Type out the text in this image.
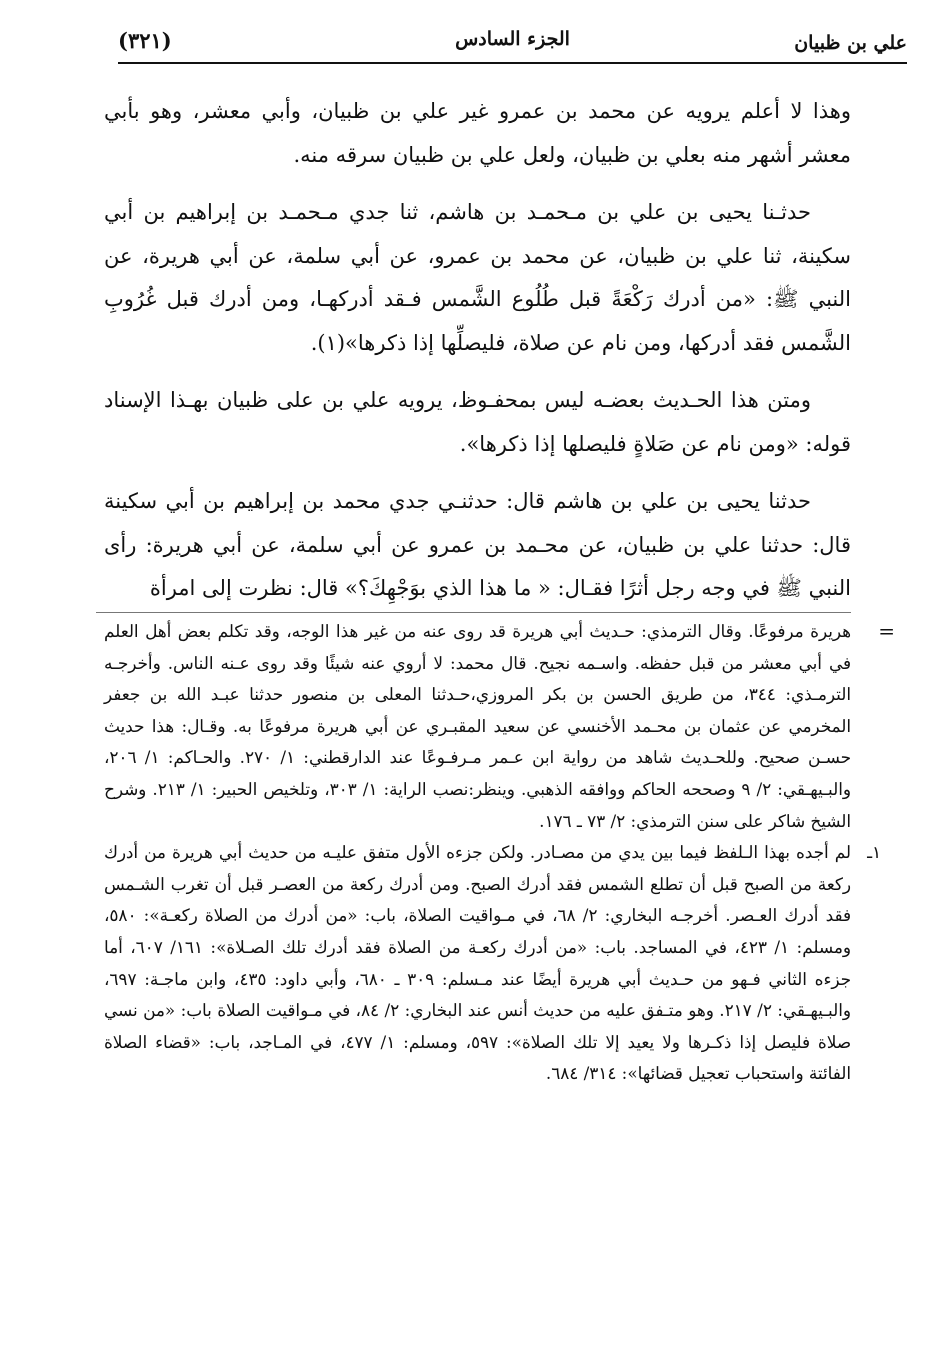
علي بن ظبيان
الجزء السادس
(٣٢١)

وهذا لا أعلم يرويه عن محمد بن عمرو غير علي بن ظبيان، وأبي معشر، وهو بأبي معشر أشهر منه بعلي بن ظبيان، ولعل علي بن ظبيان سرقه منه.

حدثـنا يحيى بن علي بن مـحمـد بن هاشم، ثنا جدي مـحمـد بن إبراهيم بن أبي سكينة، ثنا علي بن ظبيان، عن محمد بن عمرو، عن أبي سلمة، عن أبي هريرة، عن النبي ﷺ: «من أدرك رَكْعَةً قبل طُلُوع الشَّمس فـقد أدركهـا، ومن أدرك قبل غُرُوبِ الشَّمس فقد أدركها، ومن نام عن صلاة، فليصلِّها إذا ذكرها»(١).

ومتن هذا الحـديث بعضـه ليس بمحفـوظ، يرويه علي بن على ظبيان بهـذا الإسناد قوله: «ومن نام عن صَلاةٍ فليصلها إذا ذكرها».

حدثنا يحيى بن علي بن هاشم قال: حدثنـي جدي محمد بن إبراهيم بن أبي سكينة قال: حدثنا علي بن ظبيان، عن محـمد بن عمرو عن أبي سلمة، عن أبي هريرة: رأى النبي ﷺ في وجه رجل أثرًا فقـال: « ما هذا الذي بوَجْهِكَ؟» قال: نظرت إلى امرأة

=
هريرة مرفوعًا. وقال الترمذي: حـديث أبي هريرة قد روى عنه من غير هذا الوجه، وقد تكلم بعض أهل العلم في أبي معشر من قبل حفظه. واسـمه نجيح. قال محمد: لا أروي عنه شيئًا وقد روى عـنه الناس. وأخرجـه الترمـذي: ٣٤٤، من طريق الحسن بن بكر المروزي،حـدثنا المعلى بن منصور حدثنا عبـد الله بن جعفر المخرمي عن عثمان بن محـمد الأخنسي عن سعيد المقبـري عن أبي هريرة مرفوعًا به. وقـال: هذا حديث حسـن صحيح. وللحـديث شاهد من رواية ابن عـمر مـرفـوعًا عند الدارقطني: ١/ ٢٧٠. والحـاكم: ١/ ٢٠٦، والبـيهـقي: ٢/ ٩ وصححه الحاكم ووافقه الذهبي. وينظر:نصب الراية: ١/ ٣٠٣، وتلخيص الحبير: ١/ ٢١٣. وشرح الشيخ شاكر على سنن الترمذي: ٢/ ٧٣ ـ ١٧٦.
١ـ
لم أجده بهذا الـلفظ فيما بين يدي من مصـادر. ولكن جزءه الأول متفق عليـه من حديث أبي هريرة من أدرك ركعة من الصبح قبل أن تطلع الشمس فقد أدرك الصبح. ومن أدرك ركعة من العصـر قبل أن تغرب الشـمس فقد أدرك العـصر. أخرجـه البخاري: ٢/ ٦٨، في مـواقيت الصلاة، باب: «من أدرك من الصلاة ركعـة»: ٥٨٠، ومسلم: ١/ ٤٢٣، في المساجد. باب: «من أدرك ركعـة من الصلاة فقد أدرك تلك الصـلاة»: ١٦١/ ٦٠٧، أما جزءه الثاني فـهو من حـديث أبي هريرة أيضًا عند مـسلم: ٣٠٩ ـ ٦٨٠، وأبي داود: ٤٣٥، وابن ماجـة: ٦٩٧، والبـيهـقي: ٢/ ٢١٧. وهو متـفق عليه من حديث أنس عند البخاري: ٢/ ٨٤، في مـواقيت الصلاة باب: «من نسي صلاة فليصل إذا ذكـرها ولا يعيد إلا تلك الصلاة»: ٥٩٧، ومسلم: ١/ ٤٧٧، في المـاجد، باب: «قضاء الصلاة الفائتة واستحباب تعجيل قضائها»: ٣١٤/ ٦٨٤.
